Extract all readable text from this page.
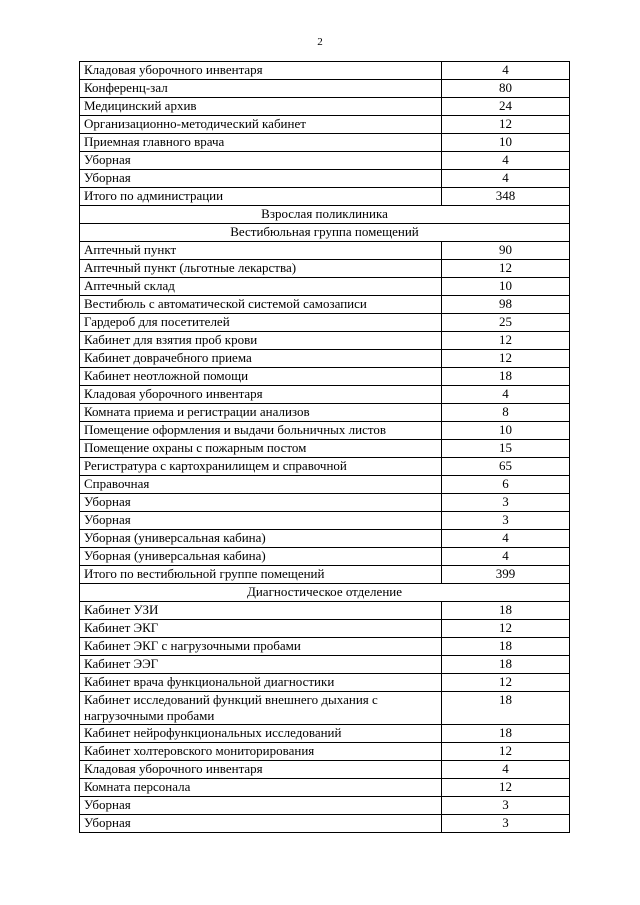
2
Кладовая уборочного инвентаря	4
Конференц-зал	80
Медицинский архив	24
Организационно-методический кабинет	12
Приемная главного врача	10
Уборная	4
Уборная	4
Итого по администрации	348
Взрослая поликлиника	
Вестибюльная группа помещений	
Аптечный пункт	90
Аптечный пункт (льготные лекарства)	12
Аптечный склад	10
Вестибюль с автоматической системой самозаписи	98
Гардероб для посетителей	25
Кабинет для взятия проб крови	12
Кабинет доврачебного приема	12
Кабинет неотложной помощи	18
Кладовая уборочного инвентаря	4
Комната приема и регистрации анализов	8
Помещение оформления и выдачи больничных листов	10
Помещение охраны с пожарным постом	15
Регистратура с картохранилищем и справочной	65
Справочная	6
Уборная	3
Уборная	3
Уборная (универсальная кабина)	4
Уборная (универсальная кабина)	4
Итого по вестибюльной группе помещений	399
Диагностическое отделение	
Кабинет УЗИ	18
Кабинет ЭКГ	12
Кабинет ЭКГ с нагрузочными пробами	18
Кабинет ЭЭГ	18
Кабинет врача функциональной диагностики	12
Кабинет исследований функций внешнего дыхания с нагрузочными пробами	18
Кабинет нейрофункциональных исследований	18
Кабинет холтеровского мониторирования	12
Кладовая уборочного инвентаря	4
Комната персонала	12
Уборная	3
Уборная	3
